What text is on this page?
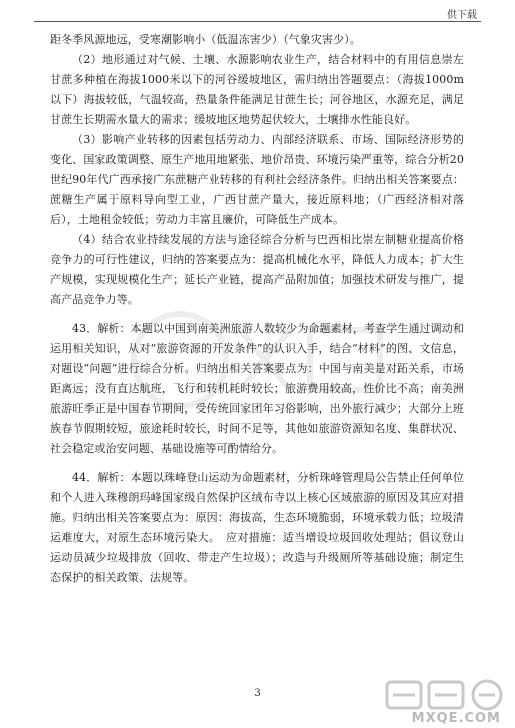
供下载

距冬季风源地远，受寒潮影响小（低温冻害少）（气象灾害少）。

（2）地形通过对气候、土壤、水源影响农业生产，结合材料中的有用信息崇左甘蔗多种植在海拔1000米以下的河谷缓坡地区，需归纳出答题要点：（海拔1000m以下）海拔较低，气温较高，热量条件能满足甘蔗生长；河谷地区，水源充足，满足甘蔗生长期需水量大的需求；缓坡地区地势起伏较大，土壤排水性能良好。

（3）影响产业转移的因素包括劳动力、内部经济联系、市场、国际经济形势的变化、国家政策调整、原生产地用地紧张、地价昂贵、环境污染严重等，综合分析20世纪90年代广西承接广东蔗糖产业转移的有利社会经济条件。归纳出相关答案要点：蔗糖生产属于原料导向型工业，广西甘蔗产量大，接近原料地；（广西经济相对落后），土地租金较低；劳动力丰富且廉价，可降低生产成本。

（4）结合农业持续发展的方法与途径综合分析与巴西相比崇左制糖业提高价格竞争力的可行性建议，归纳的答案要点为：提高机械化水平，降低人力成本；扩大生产规模，实现规模化生产；延长产业链，提高产品附加值；加强技术研发与推广，提高产品竞争力等。

43．解析：本题以中国到南美洲旅游人数较少为命题素材，考查学生通过调动和运用相关知识，从对“旅游资源的开发条件”的认识入手，结合“材料”的图、文信息，对题设“问题”进行综合分析。归纳出相关答案要点为：中国与南美是对跖关系，市场距离远；没有直达航班，飞行和转机耗时较长；旅游费用较高，性价比不高；南美洲旅游旺季正是中国春节期间，受传统回家团年习俗影响，出外旅行减少；大部分上班族春节假期较短，旅途耗时较长，时间不足等，其他如旅游资源知名度、集群状况、社会稳定或治安问题、基础设施等可酌情给分。

44．解析：本题以珠峰登山运动为命题素材，分析珠峰管理局公告禁止任何单位和个人进入珠穆朗玛峰国家级自然保护区绒布寺以上核心区域旅游的原因及其应对措施。归纳出相关答案要点为：原因：海拔高，生态环境脆弱，环境承载力低；垃圾清运难度大，对原生态环境污染大。　应对措施：适当增设垃圾回收处理站；倡议登山运动员减少垃圾排放（回收、带走产生垃圾）；改造与升级厕所等基础设施；制定生态保护的相关政策、法规等。

3
MXQE.COM
